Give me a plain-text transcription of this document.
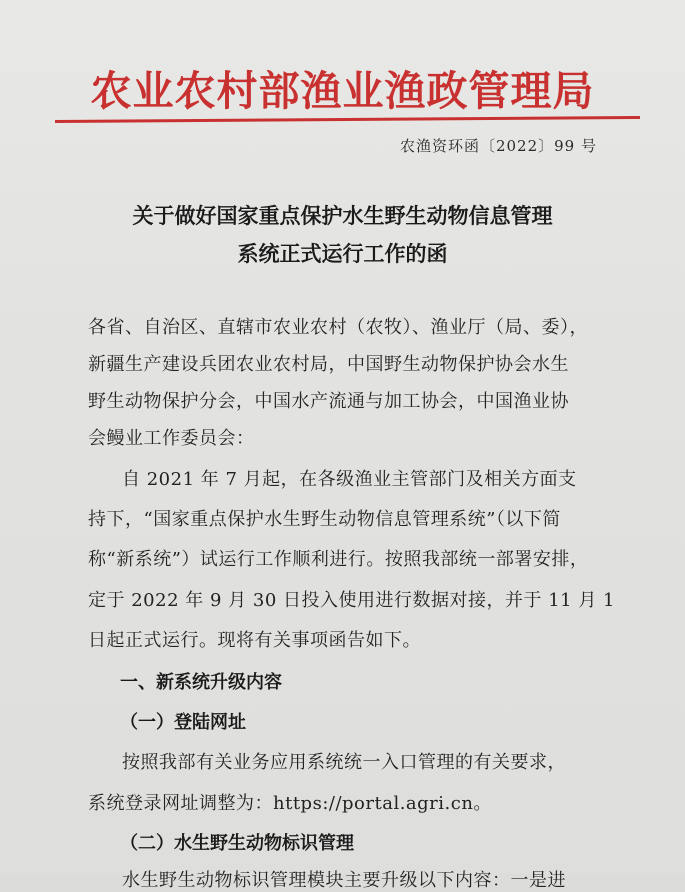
农业农村部渔业渔政管理局
农渔资环函〔2022〕99 号
关于做好国家重点保护水生野生动物信息管理
系统正式运行工作的函
各省、自治区、直辖市农业农村（农牧）、渔业厅（局、委），
新疆生产建设兵团农业农村局，中国野生动物保护协会水生
野生动物保护分会，中国水产流通与加工协会，中国渔业协
会鳗业工作委员会：
自 2021 年 7 月起，在各级渔业主管部门及相关方面支
持下，“国家重点保护水生野生动物信息管理系统”（以下简
称“新系统”）试运行工作顺利进行。按照我部统一部署安排，
定于 2022 年 9 月 30 日投入使用进行数据对接，并于 11 月 1
日起正式运行。现将有关事项函告如下。
一、新系统升级内容
（一）登陆网址
按照我部有关业务应用系统统一入口管理的有关要求，
系统登录网址调整为：https://portal.agri.cn。
（二）水生野生动物标识管理
水生野生动物标识管理模块主要升级以下内容：一是进
